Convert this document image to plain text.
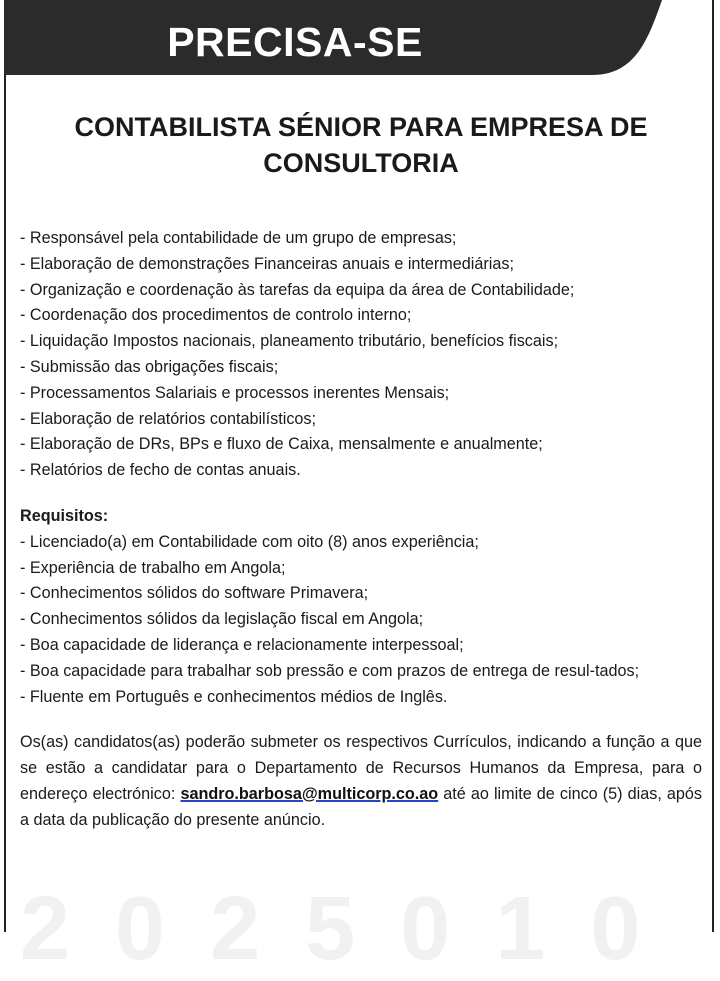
PRECISA-SE
CONTABILISTA SÉNIOR PARA EMPRESA DE
CONSULTORIA
2 0 2 5 0 1 0
- Responsável pela contabilidade de um grupo de empresas;
- Elaboração de demonstrações Financeiras anuais e intermediárias;
- Organização e coordenação às tarefas da equipa da área de Contabilidade;
- Coordenação dos procedimentos de controlo interno;
- Liquidação Impostos nacionais, planeamento tributário, benefícios fiscais;
- Submissão das obrigações fiscais;
- Processamentos Salariais e processos inerentes Mensais;
- Elaboração de relatórios contabilísticos;
- Elaboração de DRs, BPs e fluxo de Caixa, mensalmente e anualmente;
- Relatórios de fecho de contas anuais.
Requisitos:
- Licenciado(a) em Contabilidade com oito (8) anos experiência;
- Experiência de trabalho em Angola;
- Conhecimentos sólidos do software Primavera;
- Conhecimentos sólidos da legislação fiscal em Angola;
- Boa capacidade de liderança e relacionamente interpessoal;
- Boa capacidade para trabalhar sob pressão e com prazos de entrega de resul-tados;
- Fluente em Português e conhecimentos médios de Inglês.

Os(as) candidatos(as) poderão submeter os respectivos Currículos, indicando a função a que se estão a candidatar para o Departamento de Recursos Humanos da Empresa, para o endereço electrónico: sandro.barbosa@multicorp.co.ao até ao limite de cinco (5) dias, após a data da publicação do presente anúncio.
